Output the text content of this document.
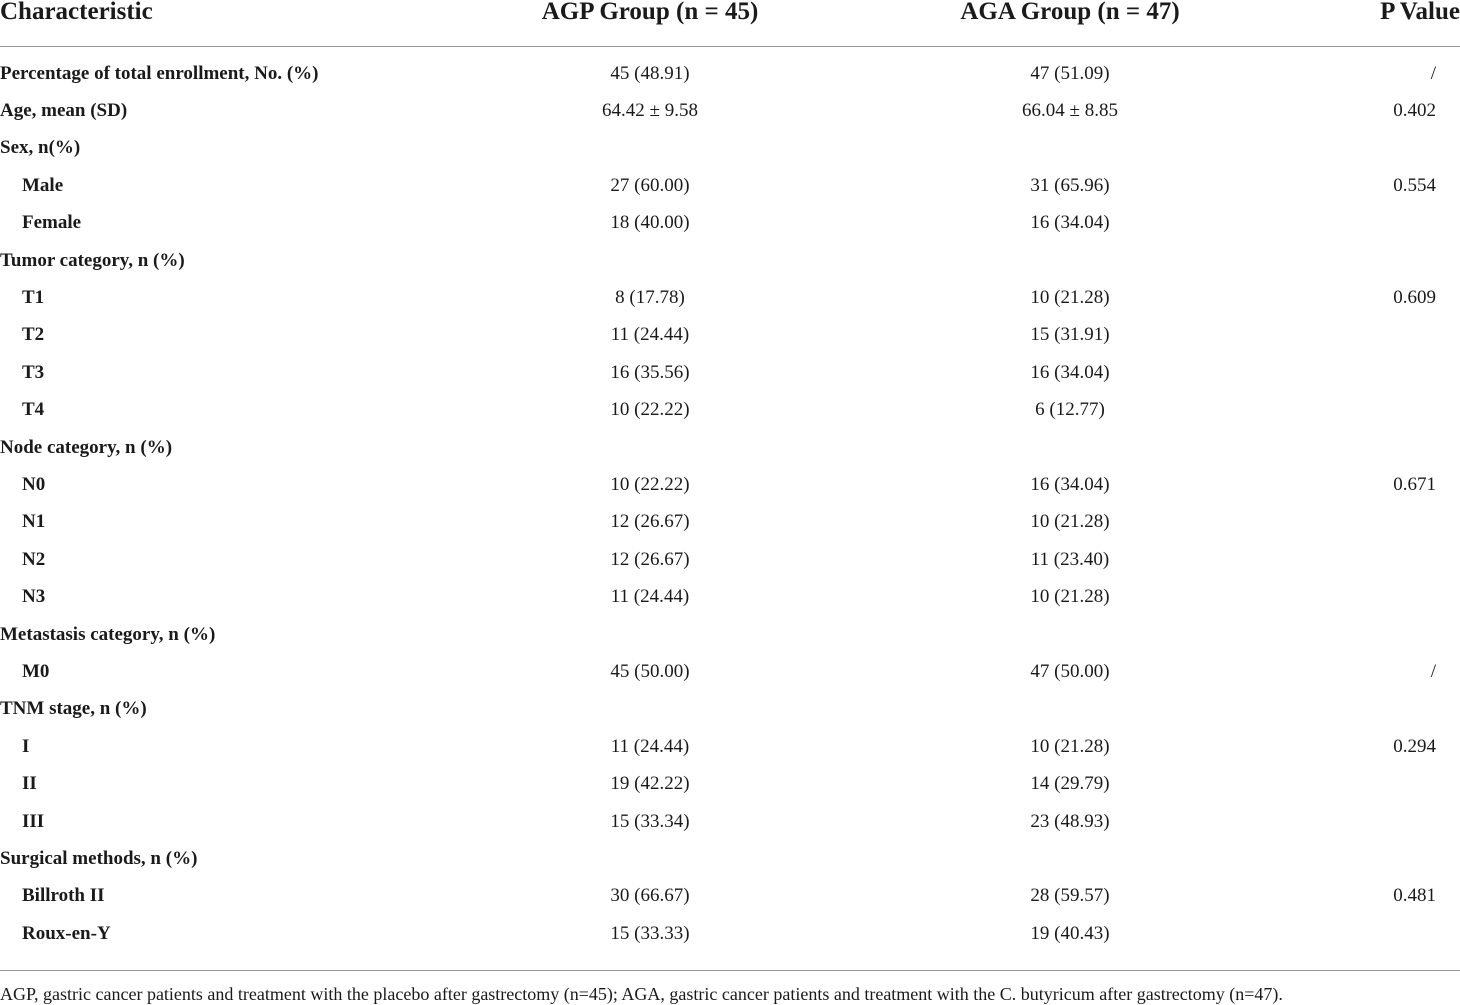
Characteristic	AGP Group (n = 45)	AGA Group (n = 47)	P Value
Percentage of total enrollment, No. (%)	45 (48.91)	47 (51.09)	/
Age, mean (SD)	64.42 ± 9.58	66.04 ± 8.85	0.402
Sex, n(%)			
Male	27 (60.00)	31 (65.96)	0.554
Female	18 (40.00)	16 (34.04)	
Tumor category, n (%)			
T1	8 (17.78)	10 (21.28)	0.609
T2	11 (24.44)	15 (31.91)	
T3	16 (35.56)	16 (34.04)	
T4	10 (22.22)	6 (12.77)	
Node category, n (%)			
N0	10 (22.22)	16 (34.04)	0.671
N1	12 (26.67)	10 (21.28)	
N2	12 (26.67)	11 (23.40)	
N3	11 (24.44)	10 (21.28)	
Metastasis category, n (%)			
M0	45 (50.00)	47 (50.00)	/
TNM stage, n (%)			
I	11 (24.44)	10 (21.28)	0.294
II	19 (42.22)	14 (29.79)	
III	15 (33.34)	23 (48.93)	
Surgical methods, n (%)			
Billroth II	30 (66.67)	28 (59.57)	0.481
Roux-en-Y	15 (33.33)	19 (40.43)	
AGP, gastric cancer patients and treatment with the placebo after gastrectomy (n=45); AGA, gastric cancer patients and treatment with the C. butyricum after gastrectomy (n=47).
